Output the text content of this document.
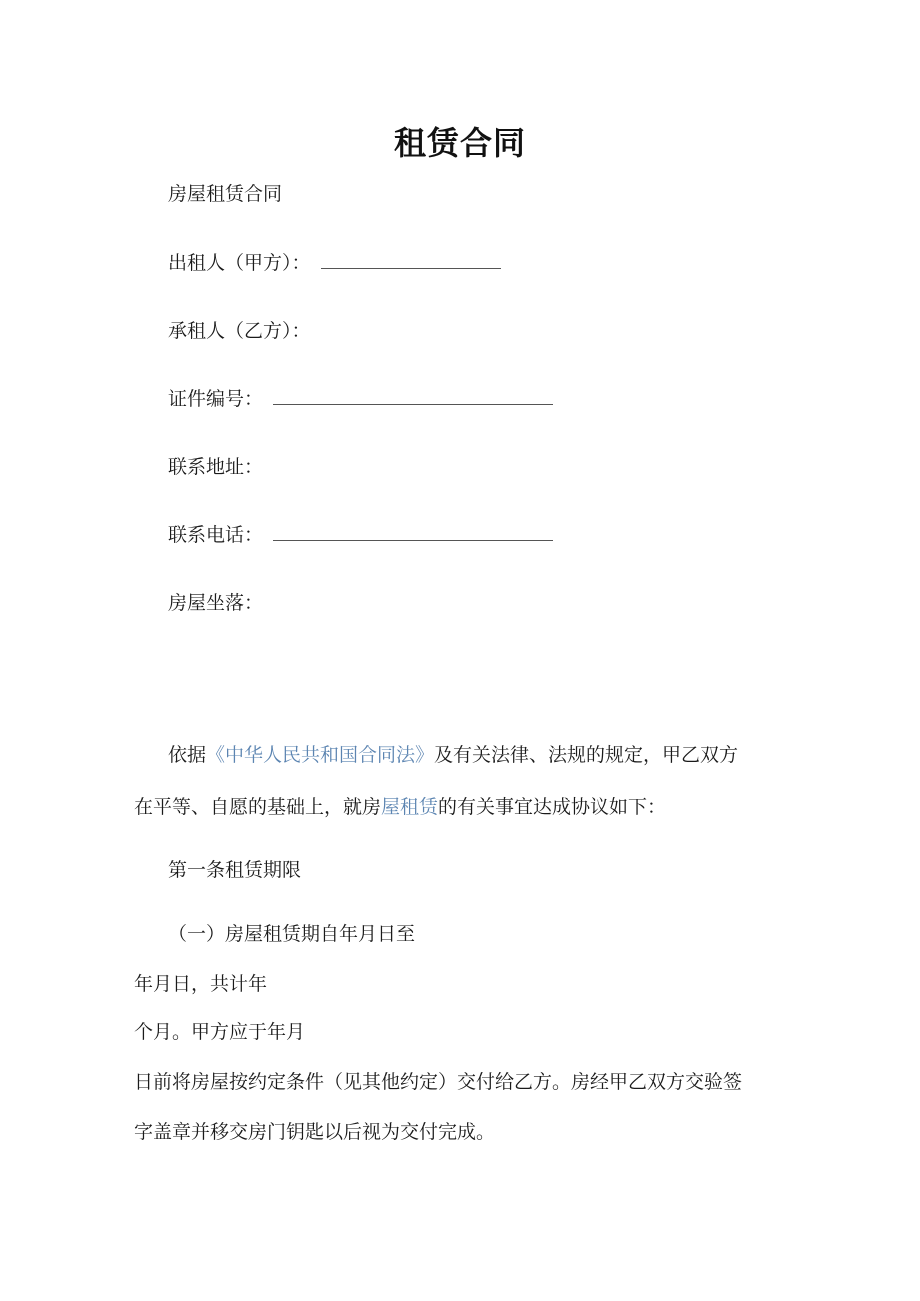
租赁合同
房屋租赁合同
出租人（甲方）：
承租人（乙方）：
证件编号：
联系地址：
联系电话：
房屋坐落：
依据《中华人民共和国合同法》及有关法律、法规的规定，甲乙双方
在平等、自愿的基础上，就房屋租赁的有关事宜达成协议如下：
第一条租赁期限
（一）房屋租赁期自年月日至
年月日，共计年
个月。甲方应于年月
日前将房屋按约定条件（见其他约定）交付给乙方。房经甲乙双方交验签
字盖章并移交房门钥匙以后视为交付完成。
